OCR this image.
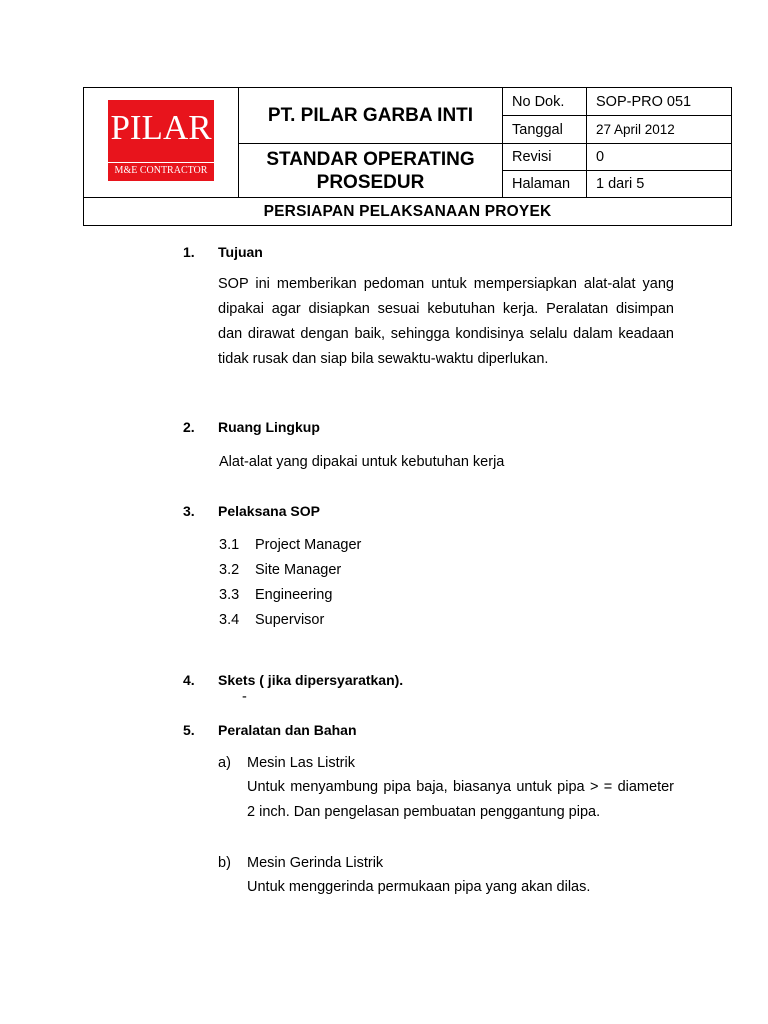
PILAR
M&E CONTRACTOR	PT. PILAR GARBA INTI	No Dok.	SOP-PRO 051
		Tanggal	27 April 2012

	STANDAR OPERATING
PROSEDUR	Revisi	0
		Halaman	1 dari 5
PERSIAPAN PELAKSANAAN PROYEK			
1. Tujuan
SOP ini memberikan pedoman untuk mempersiapkan alat-alat yang dipakai agar disiapkan sesuai kebutuhan kerja. Peralatan disimpan dan dirawat dengan baik, sehingga kondisinya selalu dalam keadaan tidak rusak dan siap bila sewaktu-waktu diperlukan.
2. Ruang Lingkup
Alat-alat yang dipakai untuk kebutuhan kerja
3. Pelaksana SOP
3.1 Project Manager
3.2 Site Manager
3.3 Engineering
3.4 Supervisor
4. Skets ( jika dipersyaratkan).
-
5. Peralatan dan Bahan
a) Mesin Las Listrik
Untuk menyambung pipa baja, biasanya untuk pipa > = diameter 2 inch. Dan pengelasan pembuatan penggantung pipa.
b) Mesin Gerinda Listrik
Untuk menggerinda permukaan pipa yang akan dilas.
